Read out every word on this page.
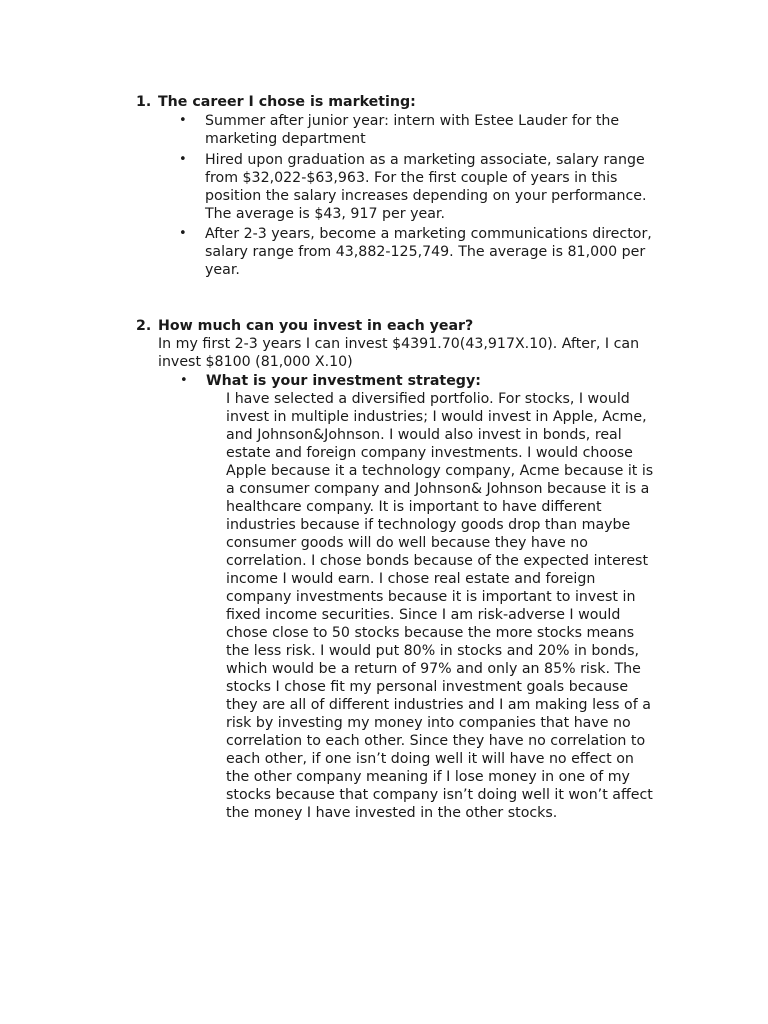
1. The career I chose is marketing:
•	Summer after junior year: intern with Estee Lauder for the marketing department
•	Hired upon graduation as a marketing associate, salary range from $32,022-$63,963. For the first couple of years in this position the salary increases depending on your performance. The average is $43, 917 per year.
•	After 2-3 years, become a marketing communications director, salary range from 43,882-125,749. The average is 81,000 per year.
2. How much can you invest in each year?
In my first 2-3 years I can invest $4391.70(43,917X.10). After, I can invest $8100 (81,000 X.10)
•	What is your investment strategy:
I have selected a diversified portfolio. For stocks, I would invest in multiple industries; I would invest in Apple, Acme, and Johnson&Johnson. I would also invest in bonds, real estate and foreign company investments. I would choose Apple because it a technology company, Acme because it is a consumer company and Johnson& Johnson because it is a healthcare company. It is important to have different industries because if technology goods drop than maybe consumer goods will do well because they have no correlation. I chose bonds because of the expected interest income I would earn. I chose real estate and foreign company investments because it is important to invest in fixed income securities. Since I am risk-adverse I would chose close to 50 stocks because the more stocks means the less risk. I would put 80% in stocks and 20% in bonds, which would be a return of 97% and only an 85% risk. The stocks I chose fit my personal investment goals because they are all of different industries and I am making less of a risk by investing my money into companies that have no correlation to each other. Since they have no correlation to each other, if one isn’t doing well it will have no effect on the other company meaning if I lose money in one of my stocks because that company isn’t doing well it won’t affect the money I have invested in the other stocks.
